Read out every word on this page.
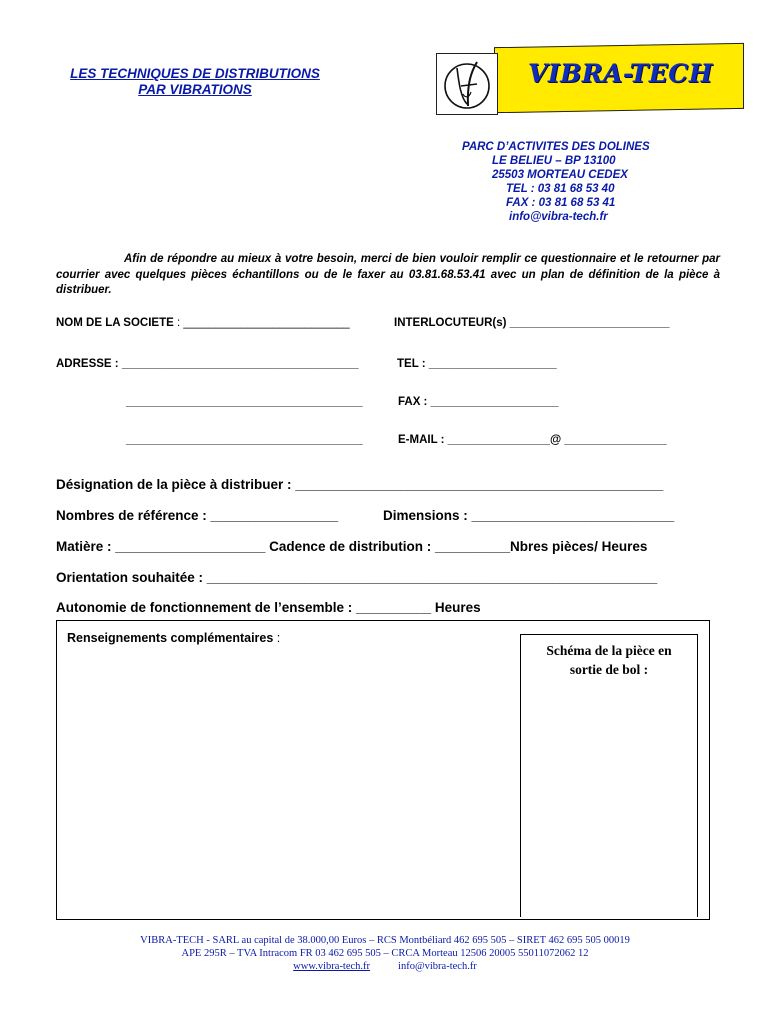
LES TECHNIQUES DE DISTRIBUTIONS
PAR VIBRATIONS
VIBRA-TECH
PARC D’ACTIVITES DES DOLINES
LE BELIEU – BP 13100
25503 MORTEAU CEDEX
TEL : 03 81 68 53 40
FAX : 03 81 68 53 41
info@vibra-tech.fr
Afin de répondre au mieux à votre besoin, merci de bien vouloir remplir ce questionnaire et le retourner par courrier avec quelques pièces échantillons ou de le faxer au 03.81.68.53.41 avec un plan de définition de la pièce à distribuer.
NOM DE LA SOCIETE : __________________________	INTERLOCUTEUR(s) _________________________
ADRESSE : _____________________________________	TEL : ____________________
_____________________________________	FAX : ____________________
_____________________________________	E-MAIL : ________________@ ________________
Désignation de la pièce à distribuer : _________________________________________________
Nombres de référence : _________________	Dimensions : ___________________________
Matière : ____________________ Cadence de distribution : __________Nbres pièces/ Heures
Orientation souhaitée : ____________________________________________________________
Autonomie de fonctionnement de l’ensemble : __________ Heures
Renseignements complémentaires :
Schéma de la pièce en
sortie de bol :
VIBRA-TECH - SARL au capital de 38.000,00 Euros – RCS Montbéliard 462 695 505 – SIRET 462 695 505 00019
APE 295R – TVA Intracom FR 03 462 695 505 – CRCA Morteau 12506 20005 55011072062 12
www.vibra-tech.fr	info@vibra-tech.fr
